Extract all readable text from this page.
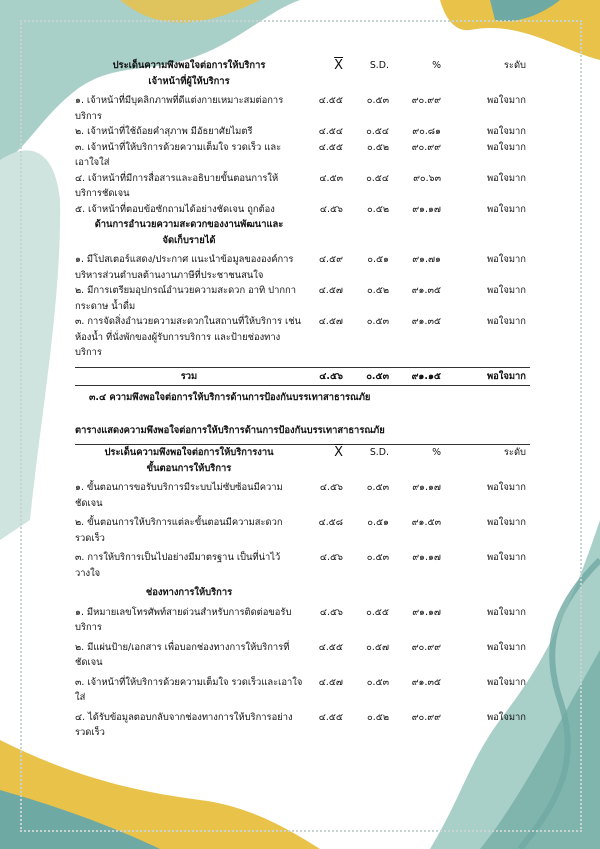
ประเด็นความพึงพอใจต่อการให้บริการ	$\overline{X}$	S.D.	%	ระดับ
เจ้าหน้าที่ผู้ให้บริการ
๑. เจ้าหน้าที่มีบุคลิกภาพที่ดีแต่งกายเหมาะสมต่อการบริการ
๔.๕๕	๐.๕๓	๙๐.๙๙	พอใจมาก
๒. เจ้าหน้าที่ใช้ถ้อยคำสุภาพ มีอัธยาศัยไมตรี	๔.๕๔	๐.๕๔	๙๐.๘๑	พอใจมาก
๓. เจ้าหน้าที่ให้บริการด้วยความเต็มใจ รวดเร็ว และเอาใจใส่
๔.๕๕	๐.๕๒	๙๐.๙๙	พอใจมาก
๔. เจ้าหน้าที่มีการสื่อสารและอธิบายขั้นตอนการให้บริการชัดเจน
๔.๕๓	๐.๕๔	๙๐.๖๓	พอใจมาก
๕. เจ้าหน้าที่ตอบข้อซักถามได้อย่างชัดเจน ถูกต้อง	๔.๕๖	๐.๕๒	๙๑.๑๗	พอใจมาก
ด้านการอำนวยความสะดวกของงานพัฒนาและ
จัดเก็บรายได้
๑. มีโปสเตอร์แสดง/ประกาศ แนะนำข้อมูลขององค์การบริหารส่วนตำบลต้านงานภาษีที่ประชาชนสนใจ
๔.๕๙	๐.๕๑	๙๑.๗๑	พอใจมาก
๒. มีการเตรียมอุปกรณ์อำนวยความสะดวก อาทิ ปากกา กระดาษ น้ำดื่ม
๔.๕๗	๐.๕๒	๙๑.๓๕	พอใจมาก
๓. การจัดสิ่งอำนวยความสะดวกในสถานที่ให้บริการ เช่น ห้องน้ำ ที่นั่งพักของผู้รับการบริการ และป้ายช่องทางบริการ
๔.๕๗	๐.๕๓	๙๑.๓๕	พอใจมาก
รวม	๔.๕๖	๐.๕๓	๙๑.๑๕	พอใจมาก
๓.๔ ความพึงพอใจต่อการให้บริการด้านการป้องกันบรรเทาสาธารณภัย
ตารางแสดงความพึงพอใจต่อการให้บริการด้านการป้องกันบรรเทาสาธารณภัย
ประเด็นความพึงพอใจต่อการให้บริการงาน	$\overline{X}$	S.D.	%	ระดับ
ขั้นตอนการให้บริการ
๑. ขั้นตอนการขอรับบริการมีระบบไม่ซับซ้อนมีความชัดเจน
๔.๕๖	๐.๕๓	๙๑.๑๗	พอใจมาก
๒. ขั้นตอนการให้บริการแต่ละขั้นตอนมีความสะดวกรวดเร็ว
๔.๕๘	๐.๕๑	๙๑.๕๓	พอใจมาก
๓. การให้บริการเป็นไปอย่างมีมาตรฐาน เป็นที่น่าไว้วางใจ
๔.๕๖	๐.๕๓	๙๑.๑๗	พอใจมาก
ช่องทางการให้บริการ
๑. มีหมายเลขโทรศัพท์สายด่วนสำหรับการติดต่อขอรับบริการ
๔.๕๖	๐.๕๕	๙๑.๑๗	พอใจมาก
๒. มีแผ่นป้าย/เอกสาร เพื่อบอกช่องทางการให้บริการที่ชัดเจน
๔.๕๕	๐.๕๗	๙๐.๙๙	พอใจมาก
๓. เจ้าหน้าที่ให้บริการด้วยความเต็มใจ รวดเร็วและเอาใจใส่
๔.๕๗	๐.๕๓	๙๑.๓๕	พอใจมาก
๔. ได้รับข้อมูลตอบกลับจากช่องทางการให้บริการอย่างรวดเร็ว
๔.๕๕	๐.๕๒	๙๐.๙๙	พอใจมาก
